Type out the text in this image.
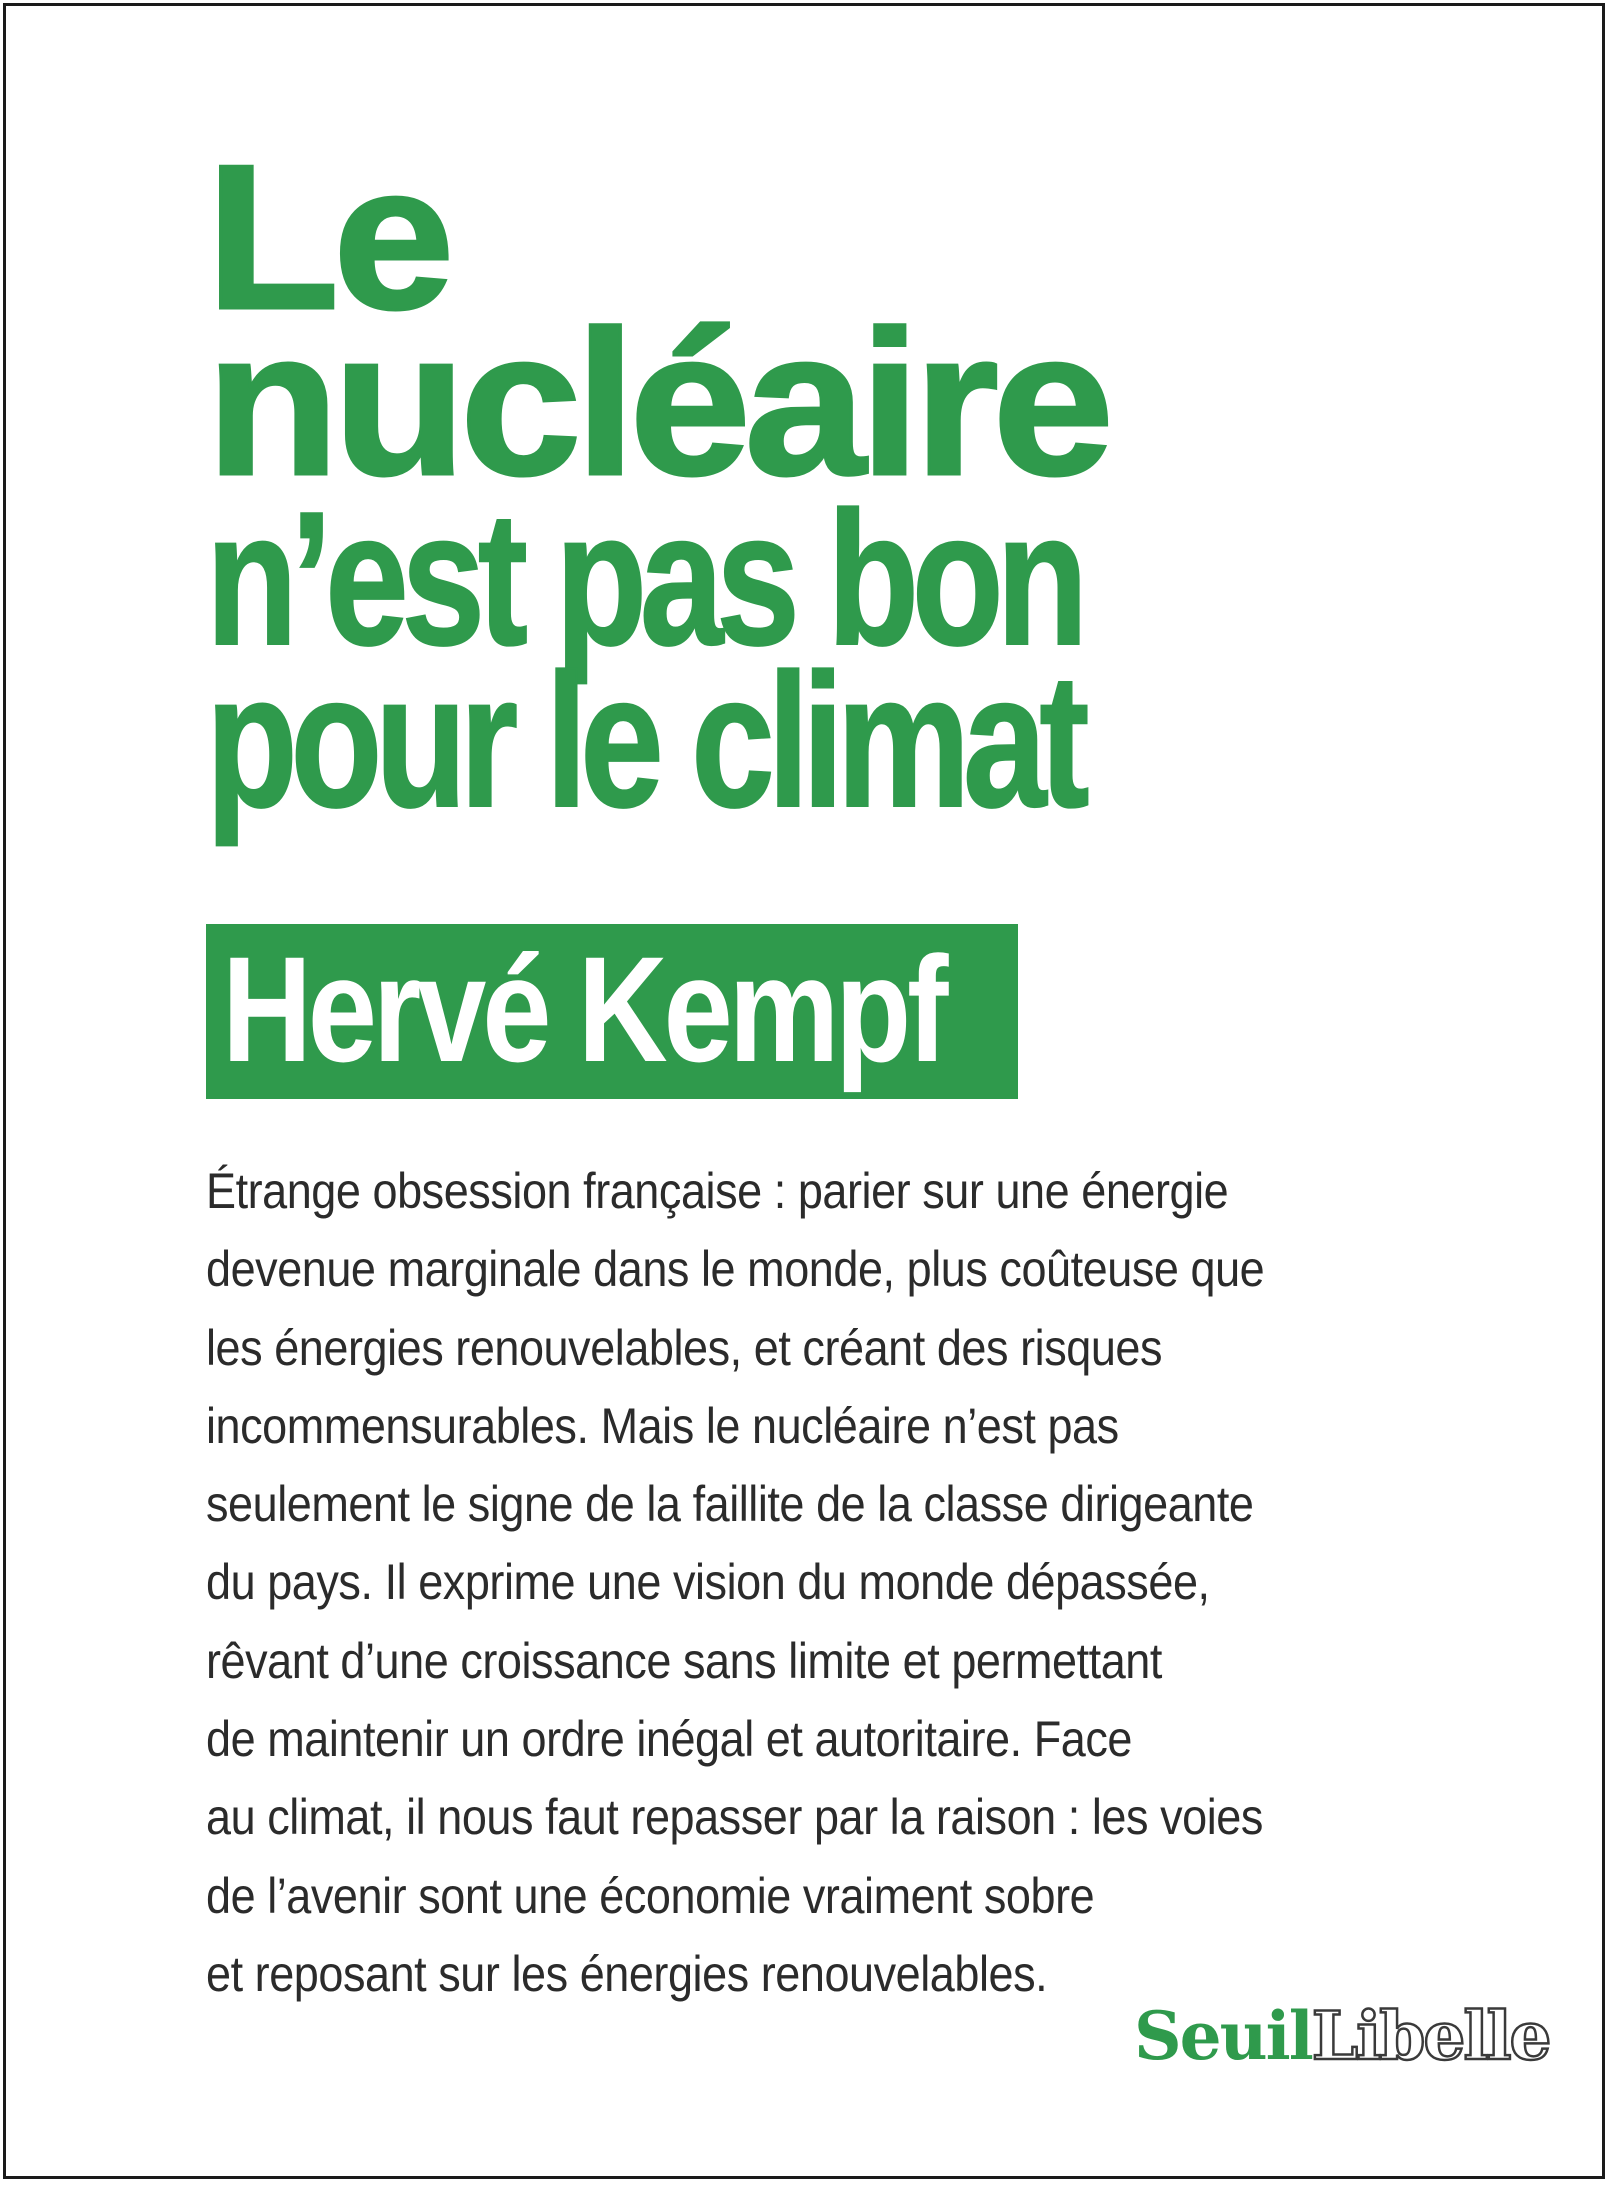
Le

nucléaire

n’est pas bon

pour le climat

Hervé Kempf

Étrange obsession française : parier sur une énergie

devenue marginale dans le monde, plus coûteuse que

les énergies renouvelables, et créant des risques

incommensurables. Mais le nucléaire n’est pas

seulement le signe de la faillite de la classe dirigeante

du pays. Il exprime une vision du monde dépassée,

rêvant d’une croissance sans limite et permettant

de maintenir un ordre inégal et autoritaire. Face

au climat, il nous faut repasser par la raison : les voies

de l’avenir sont une économie vraiment sobre

et reposant sur les énergies renouvelables.

SeuilLibelle
